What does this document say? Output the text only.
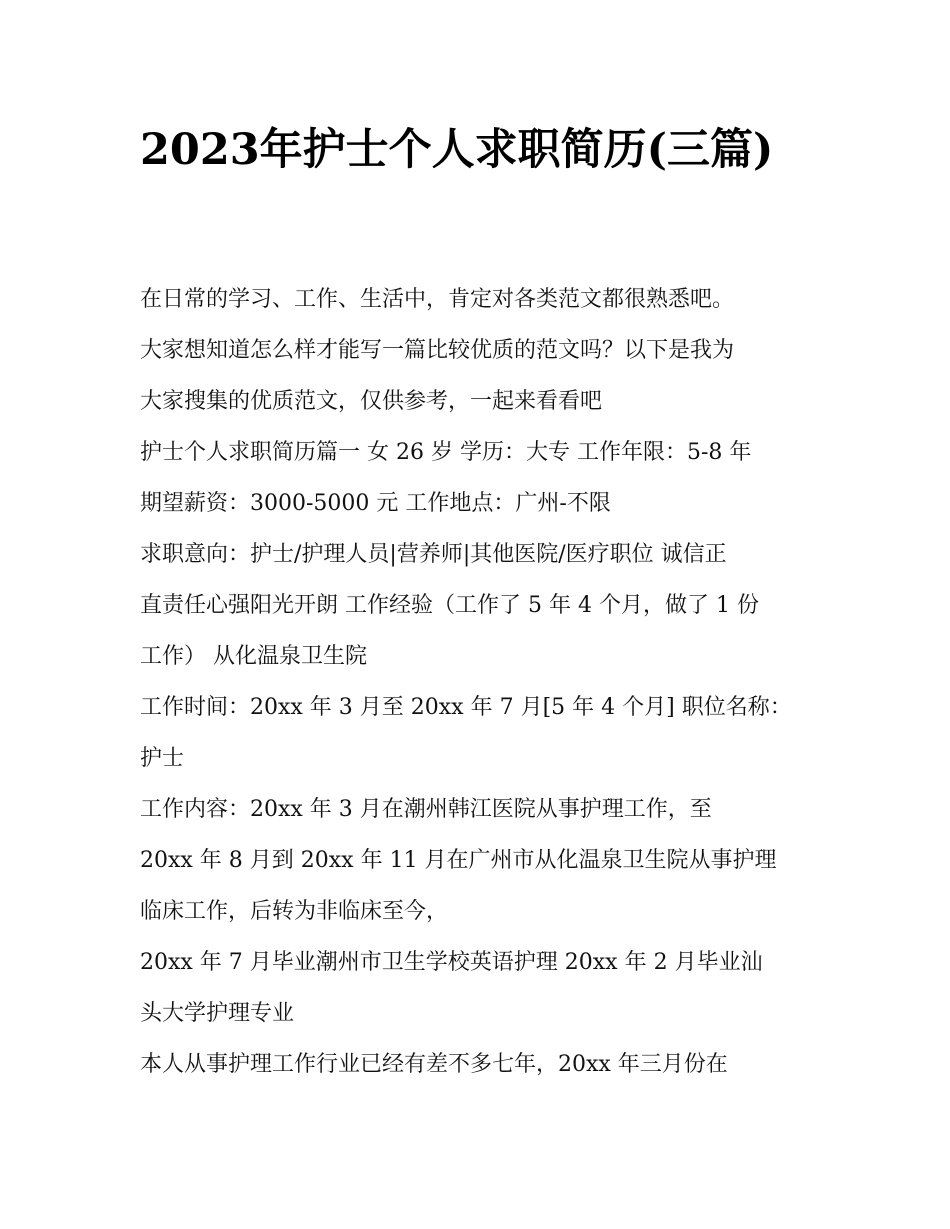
2023年护士个人求职简历(三篇)
在日常的学习、工作、生活中，肯定对各类范文都很熟悉吧。
大家想知道怎么样才能写一篇比较优质的范文吗？以下是我为
大家搜集的优质范文，仅供参考，一起来看看吧
护士个人求职简历篇一 女 26 岁 学历：大专 工作年限：5-8 年
期望薪资：3000-5000 元 工作地点：广州-不限
求职意向：护士/护理人员|营养师|其他医院/医疗职位 诚信正
直责任心强阳光开朗 工作经验（工作了 5 年 4 个月，做了 1 份
工作） 从化温泉卫生院
工作时间：20xx 年 3 月至 20xx 年 7 月[5 年 4 个月] 职位名称：
护士
工作内容：20xx 年 3 月在潮州韩江医院从事护理工作，至
20xx 年 8 月到 20xx 年 11 月在广州市从化温泉卫生院从事护理
临床工作，后转为非临床至今，
20xx 年 7 月毕业潮州市卫生学校英语护理 20xx 年 2 月毕业汕
头大学护理专业
本人从事护理工作行业已经有差不多七年，20xx 年三月份在
